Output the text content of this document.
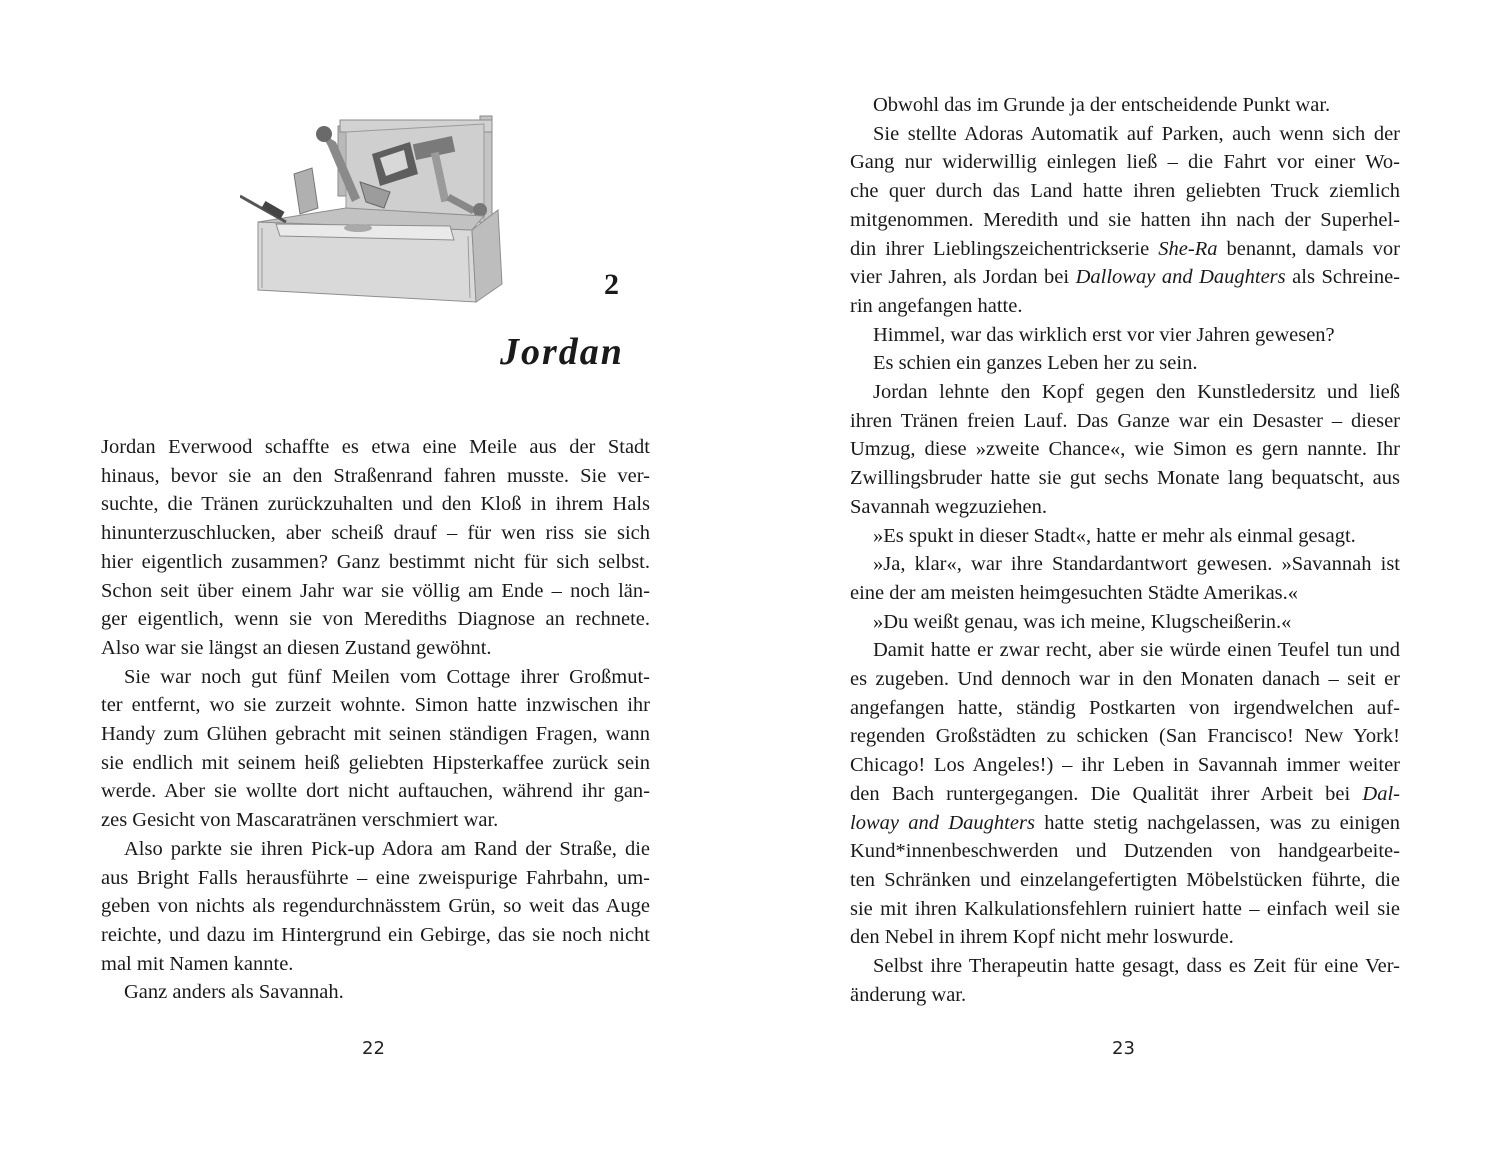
2
Jordan
Jordan Everwood schaffte es etwa eine Meile aus der Stadt
hinaus, bevor sie an den Straßenrand fahren musste. Sie ver-
suchte, die Tränen zurückzuhalten und den Kloß in ihrem Hals
hinunterzuschlucken, aber scheiß drauf – für wen riss sie sich
hier eigentlich zusammen? Ganz bestimmt nicht für sich selbst.
Schon seit über einem Jahr war sie völlig am Ende – noch län-
ger eigentlich, wenn sie von Merediths Diagnose an rechnete.
Also war sie längst an diesen Zustand gewöhnt.
Sie war noch gut fünf Meilen vom Cottage ihrer Großmut-
ter entfernt, wo sie zurzeit wohnte. Simon hatte inzwischen ihr
Handy zum Glühen gebracht mit seinen ständigen Fragen, wann
sie endlich mit seinem heiß geliebten Hipsterkaffee zurück sein
werde. Aber sie wollte dort nicht auftauchen, während ihr gan-
zes Gesicht von Mascaratränen verschmiert war.
Also parkte sie ihren Pick-up Adora am Rand der Straße, die
aus Bright Falls herausführte – eine zweispurige Fahrbahn, um-
geben von nichts als regendurchnässtem Grün, so weit das Auge
reichte, und dazu im Hintergrund ein Gebirge, das sie noch nicht
mal mit Namen kannte.
Ganz anders als Savannah.
22
Obwohl das im Grunde ja der entscheidende Punkt war.
Sie stellte Adoras Automatik auf Parken, auch wenn sich der
Gang nur widerwillig einlegen ließ – die Fahrt vor einer Wo-
che quer durch das Land hatte ihren geliebten Truck ziemlich
mitgenommen. Meredith und sie hatten ihn nach der Superhel-
din ihrer Lieblingszeichentrickserie She-Ra benannt, damals vor
vier Jahren, als Jordan bei Dalloway and Daughters als Schreine-
rin angefangen hatte.
Himmel, war das wirklich erst vor vier Jahren gewesen?
Es schien ein ganzes Leben her zu sein.
Jordan lehnte den Kopf gegen den Kunstledersitz und ließ
ihren Tränen freien Lauf. Das Ganze war ein Desaster – dieser
Umzug, diese »zweite Chance«, wie Simon es gern nannte. Ihr
Zwillingsbruder hatte sie gut sechs Monate lang bequatscht, aus
Savannah wegzuziehen.
»Es spukt in dieser Stadt«, hatte er mehr als einmal gesagt.
»Ja, klar«, war ihre Standardantwort gewesen. »Savannah ist
eine der am meisten heimgesuchten Städte Amerikas.«
»Du weißt genau, was ich meine, Klugscheißerin.«
Damit hatte er zwar recht, aber sie würde einen Teufel tun und
es zugeben. Und dennoch war in den Monaten danach – seit er
angefangen hatte, ständig Postkarten von irgendwelchen auf-
regenden Großstädten zu schicken (San Francisco! New York!
Chicago! Los Angeles!) – ihr Leben in Savannah immer weiter
den Bach runtergegangen. Die Qualität ihrer Arbeit bei Dal-
loway and Daughters hatte stetig nachgelassen, was zu einigen
Kund*innenbeschwerden und Dutzenden von handgearbeite-
ten Schränken und einzelangefertigten Möbelstücken führte, die
sie mit ihren Kalkulationsfehlern ruiniert hatte – einfach weil sie
den Nebel in ihrem Kopf nicht mehr loswurde.
Selbst ihre Therapeutin hatte gesagt, dass es Zeit für eine Ver-
änderung war.
23
